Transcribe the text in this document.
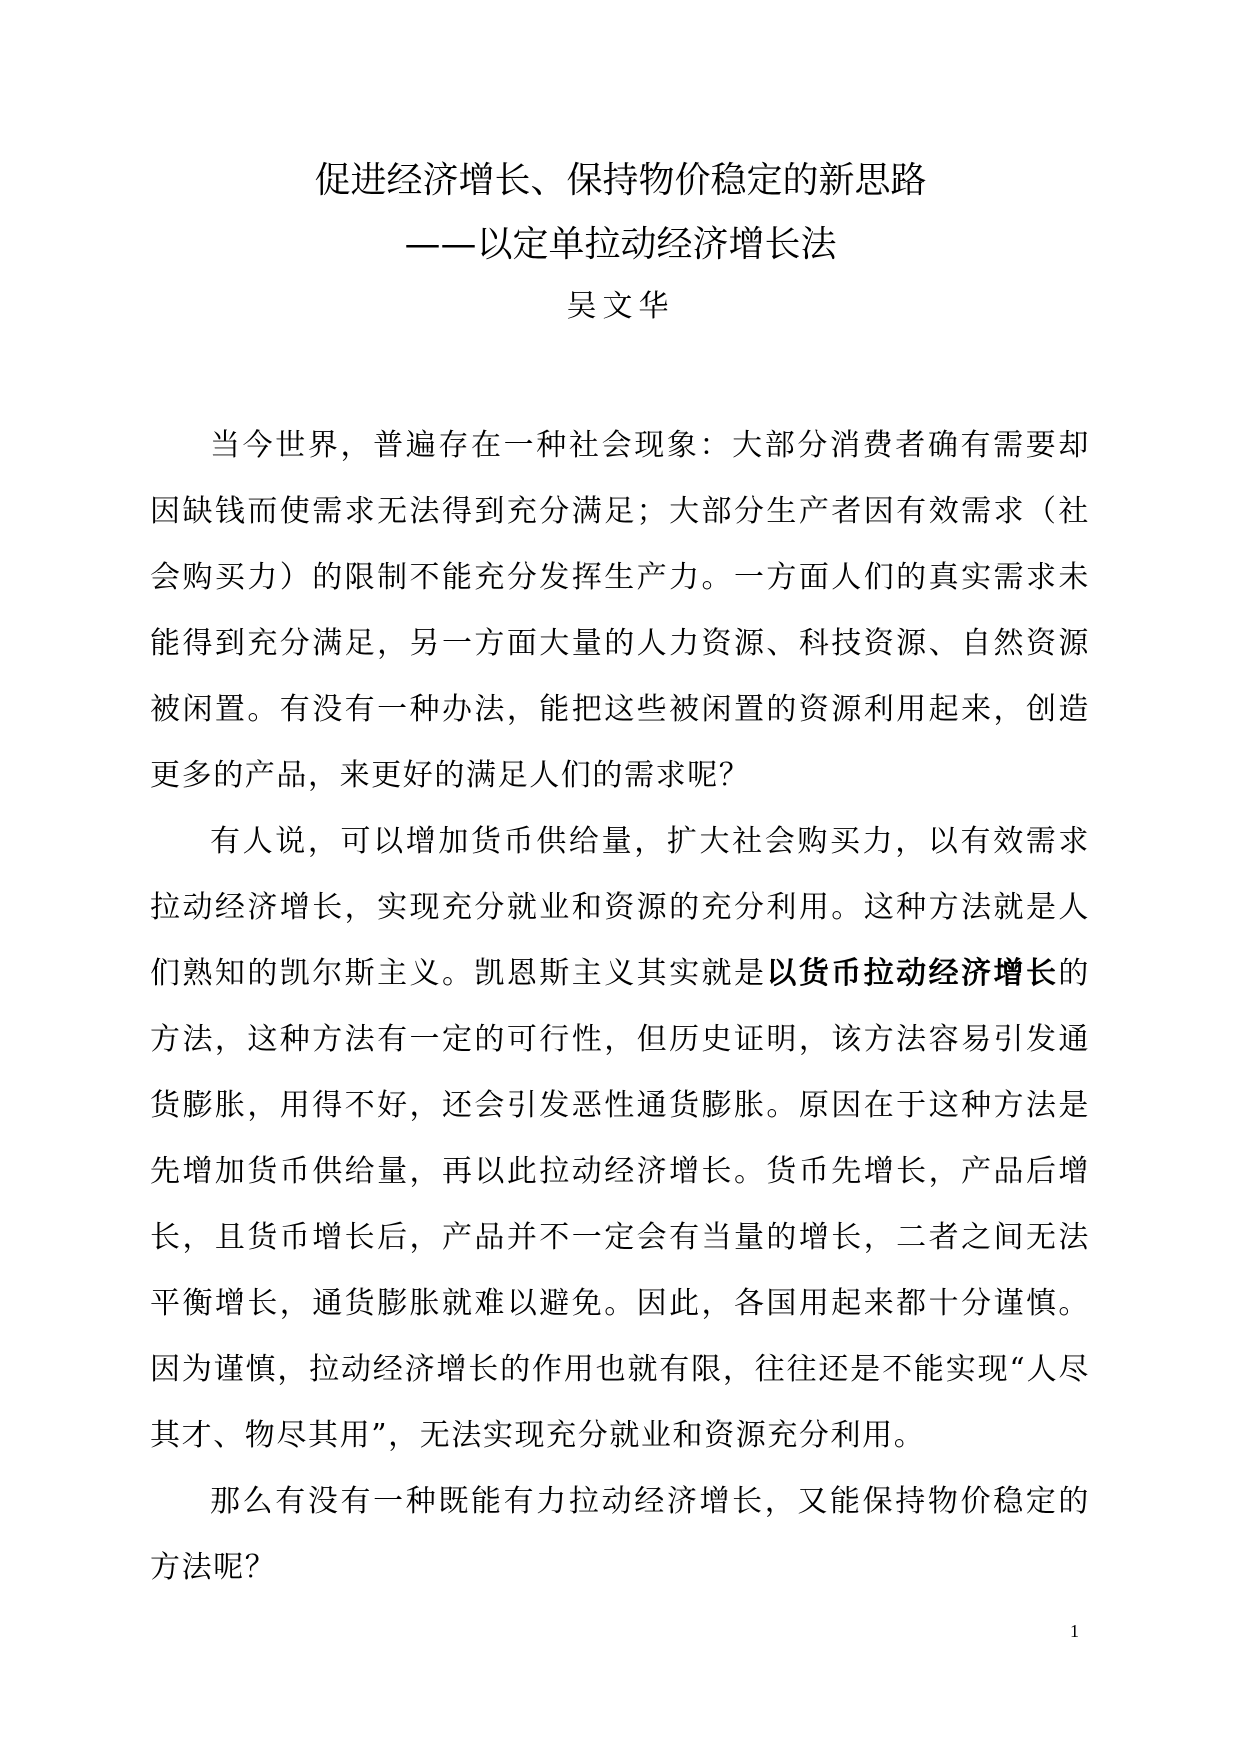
促进经济增长、保持物价稳定的新思路
——以定单拉动经济增长法
吴文华

当今世界，普遍存在一种社会现象：大部分消费者确有需要却因缺钱而使需求无法得到充分满足；大部分生产者因有效需求（社会购买力）的限制不能充分发挥生产力。一方面人们的真实需求未能得到充分满足，另一方面大量的人力资源、科技资源、自然资源被闲置。有没有一种办法，能把这些被闲置的资源利用起来，创造更多的产品，来更好的满足人们的需求呢？

有人说，可以增加货币供给量，扩大社会购买力，以有效需求拉动经济增长，实现充分就业和资源的充分利用。这种方法就是人们熟知的凯尔斯主义。凯恩斯主义其实就是以货币拉动经济增长的方法，这种方法有一定的可行性，但历史证明，该方法容易引发通货膨胀，用得不好，还会引发恶性通货膨胀。原因在于这种方法是先增加货币供给量，再以此拉动经济增长。货币先增长，产品后增长，且货币增长后，产品并不一定会有当量的增长，二者之间无法平衡增长，通货膨胀就难以避免。因此，各国用起来都十分谨慎。因为谨慎，拉动经济增长的作用也就有限，往往还是不能实现“人尽其才、物尽其用”，无法实现充分就业和资源充分利用。

那么有没有一种既能有力拉动经济增长，又能保持物价稳定的方法呢？

1
